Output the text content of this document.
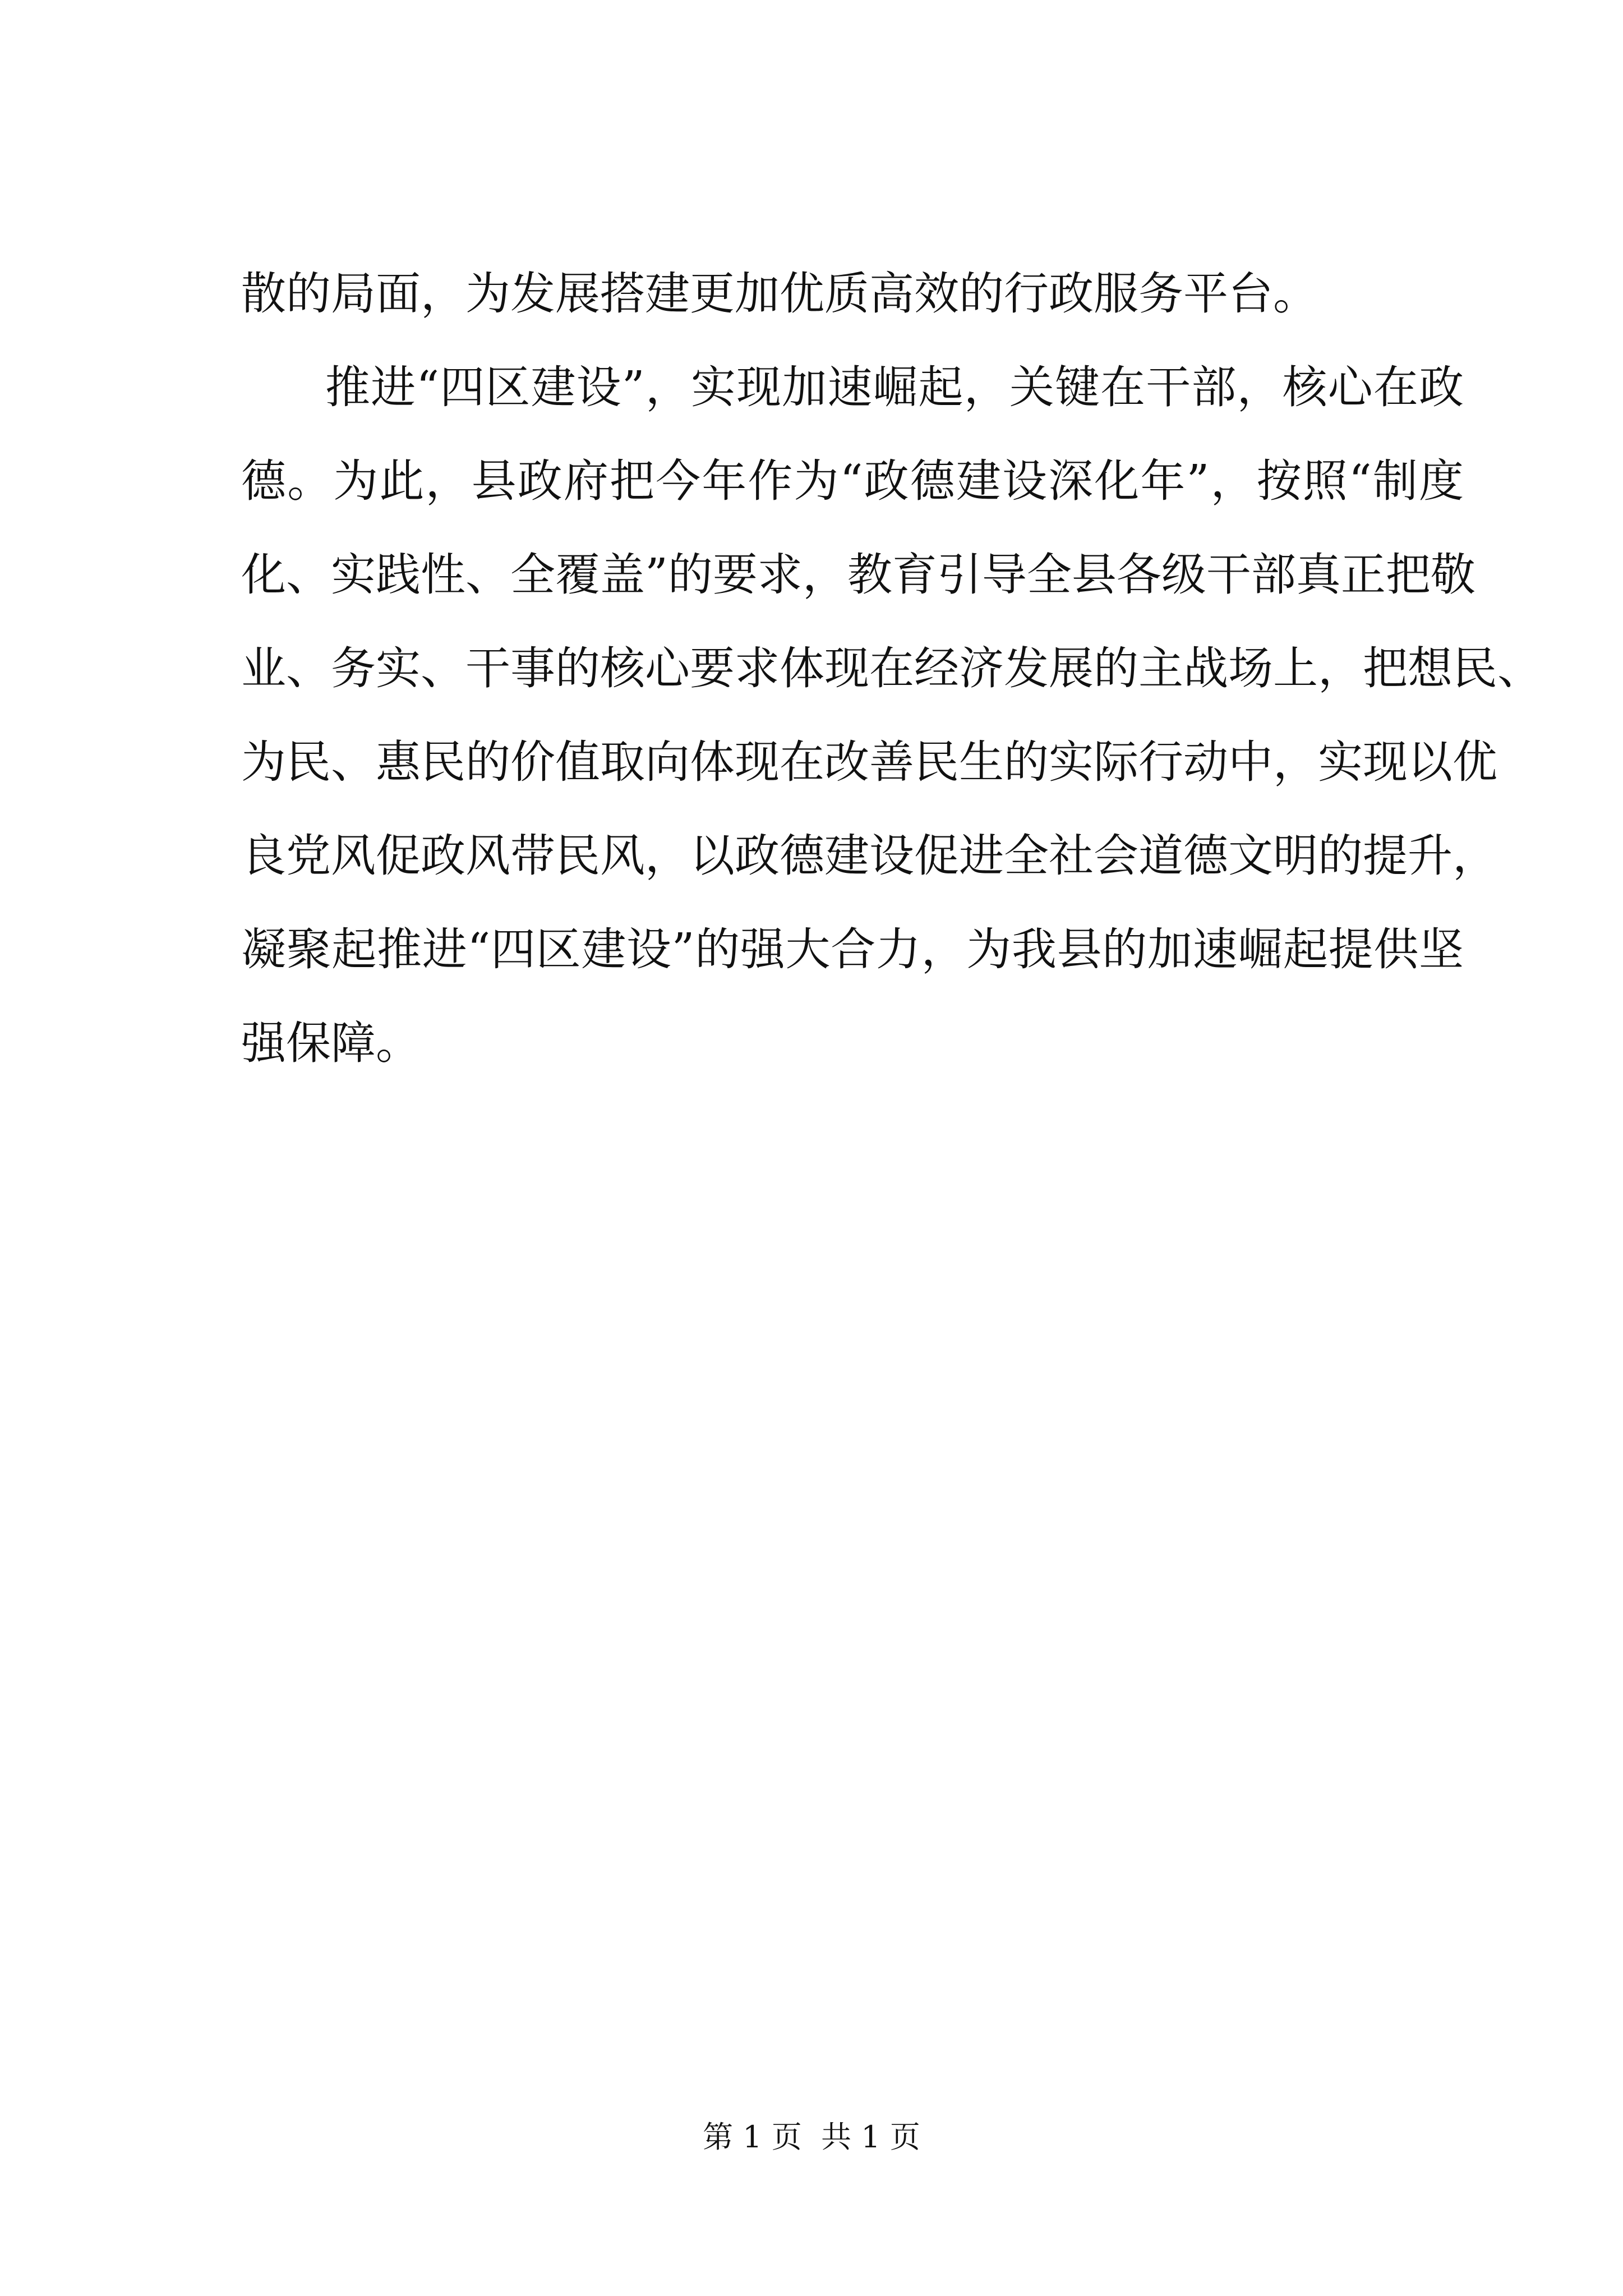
散的局面，为发展搭建更加优质高效的行政服务平台。
推进“四区建设”，实现加速崛起，关键在干部，核心在政
德。为此，县政府把今年作为“政德建设深化年”，按照“制度
化、实践性、全覆盖”的要求，教育引导全县各级干部真正把敬
业、务实、干事的核心要求体现在经济发展的主战场上，把想民、
为民、惠民的价值取向体现在改善民生的实际行动中，实现以优
良党风促政风带民风，以政德建设促进全社会道德文明的提升，
凝聚起推进“四区建设”的强大合力，为我县的加速崛起提供坚
强保障。
第 1 页  共 1 页
